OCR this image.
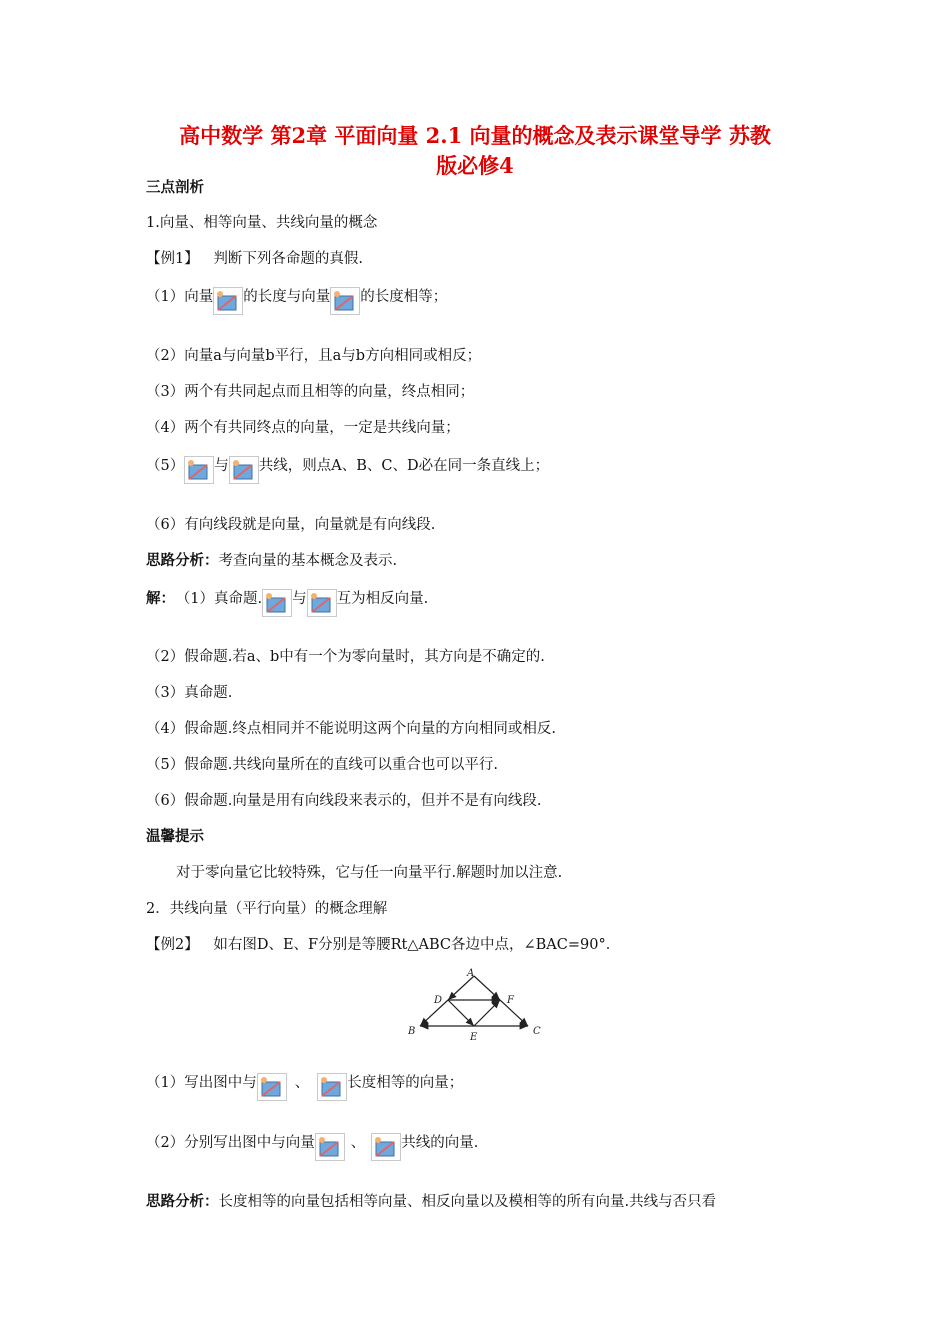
高中数学 第2章 平面向量 2.1 向量的概念及表示课堂导学 苏教
版必修4
三点剖析
1.向量、相等向量、共线向量的概念
【例1】 判断下列各命题的真假.
（1）向量 的长度与向量 的长度相等；
（2）向量a与向量b平行，且a与b方向相同或相反；
（3）两个有共同起点而且相等的向量，终点相同；
（4）两个有共同终点的向量，一定是共线向量；
（5） 与 共线，则点A、B、C、D必在同一条直线上；
（6）有向线段就是向量，向量就是有向线段.
思路分析：考查向量的基本概念及表示.
解： （1）真命题. 与 互为相反向量.
（2）假命题.若a、b中有一个为零向量时，其方向是不确定的.
（3）真命题.
（4）假命题.终点相同并不能说明这两个向量的方向相同或相反.
（5）假命题.共线向量所在的直线可以重合也可以平行.
（6）假命题.向量是用有向线段来表示的，但并不是有向线段.
温馨提示
对于零向量它比较特殊，它与任一向量平行.解题时加以注意.
2．共线向量（平行向量）的概念理解
【例2】 如右图D、E、F分别是等腰Rt△ABC各边中点，∠BAC=90°．
A
D	F
B	C
E
（1）写出图中与	、	长度相等的向量；
（2）分别写出图中与向量 、 共线的向量.
思路分析：长度相等的向量包括相等向量、相反向量以及模相等的所有向量.共线与否只看
